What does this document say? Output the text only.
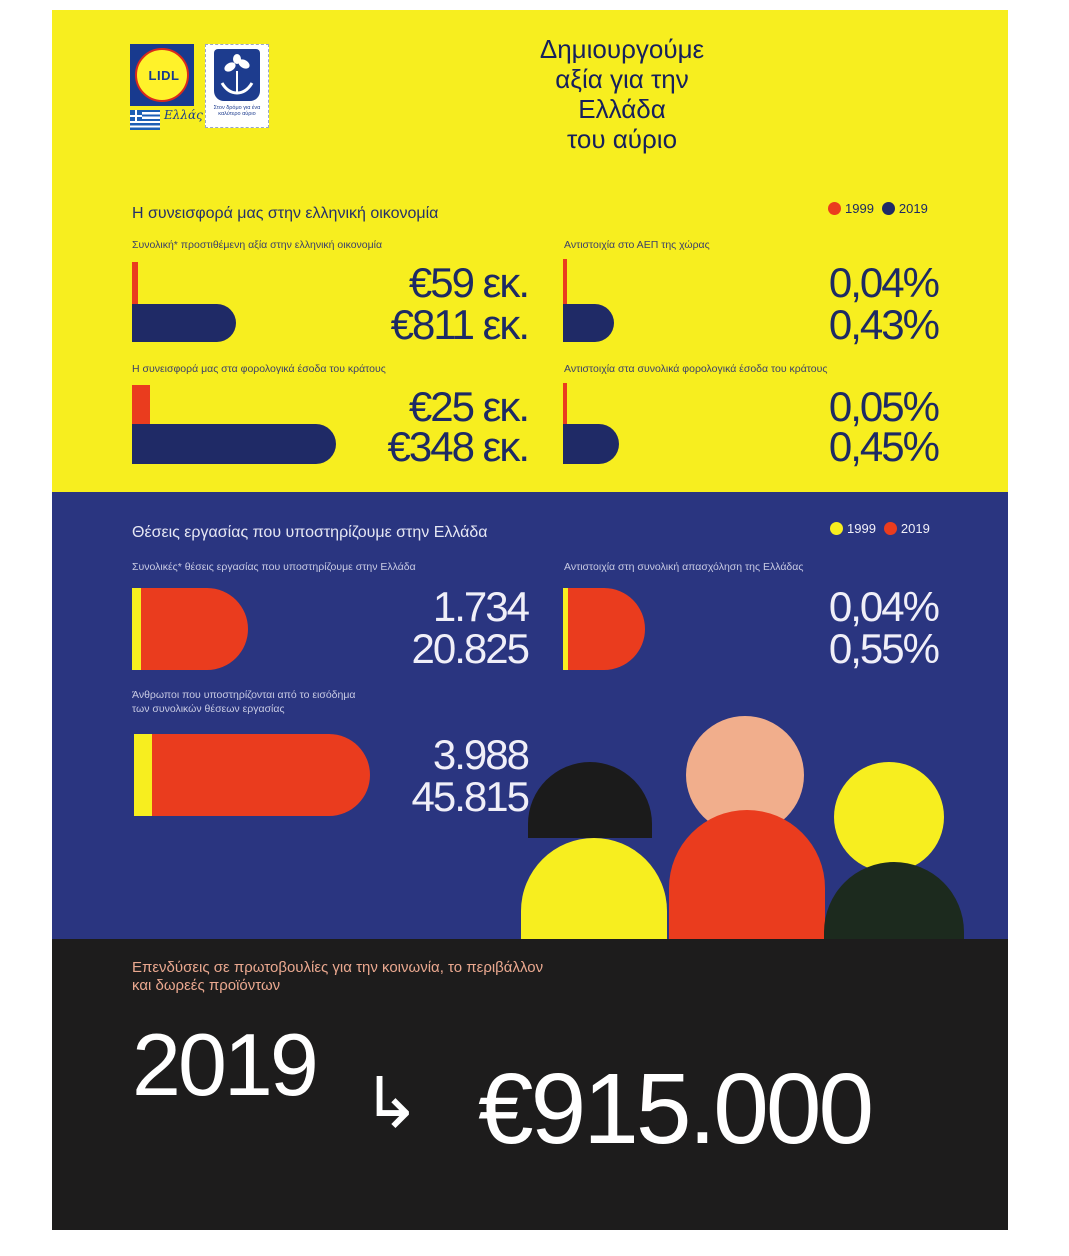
LIDL
Ελλάς	Στον δρόμο για ένα καλύτερο αύριο
Δημιουργούμε
αξία για την
Ελλάδα
του αύριο
Η συνεισφορά μας στην ελληνική οικονομία	1999 2019
Συνολική* προστιθέμενη αξία στην ελληνική οικονομία
€59 εκ.
€811 εκ.
Αντιστοιχία στο ΑΕΠ της χώρας
0,04%
0,43%
Η συνεισφορά μας στα φορολογικά έσοδα του κράτους
€25 εκ.
€348 εκ.
Αντιστοιχία στα συνολικά φορολογικά έσοδα του κράτους
0,05%
0,45%
Θέσεις εργασίας που υποστηρίζουμε στην Ελλάδα	1999 2019
Συνολικές* θέσεις εργασίας που υποστηρίζουμε στην Ελλάδα
1.734
20.825
Αντιστοιχία στη συνολική απασχόληση της Ελλάδας
0,04%
0,55%
Άνθρωποι που υποστηρίζονται από το εισόδημα
των συνολικών θέσεων εργασίας
3.988
45.815
Επενδύσεις σε πρωτοβουλίες για την κοινωνία, το περιβάλλον
και δωρεές προϊόντων
2019 ↳ €915.000
